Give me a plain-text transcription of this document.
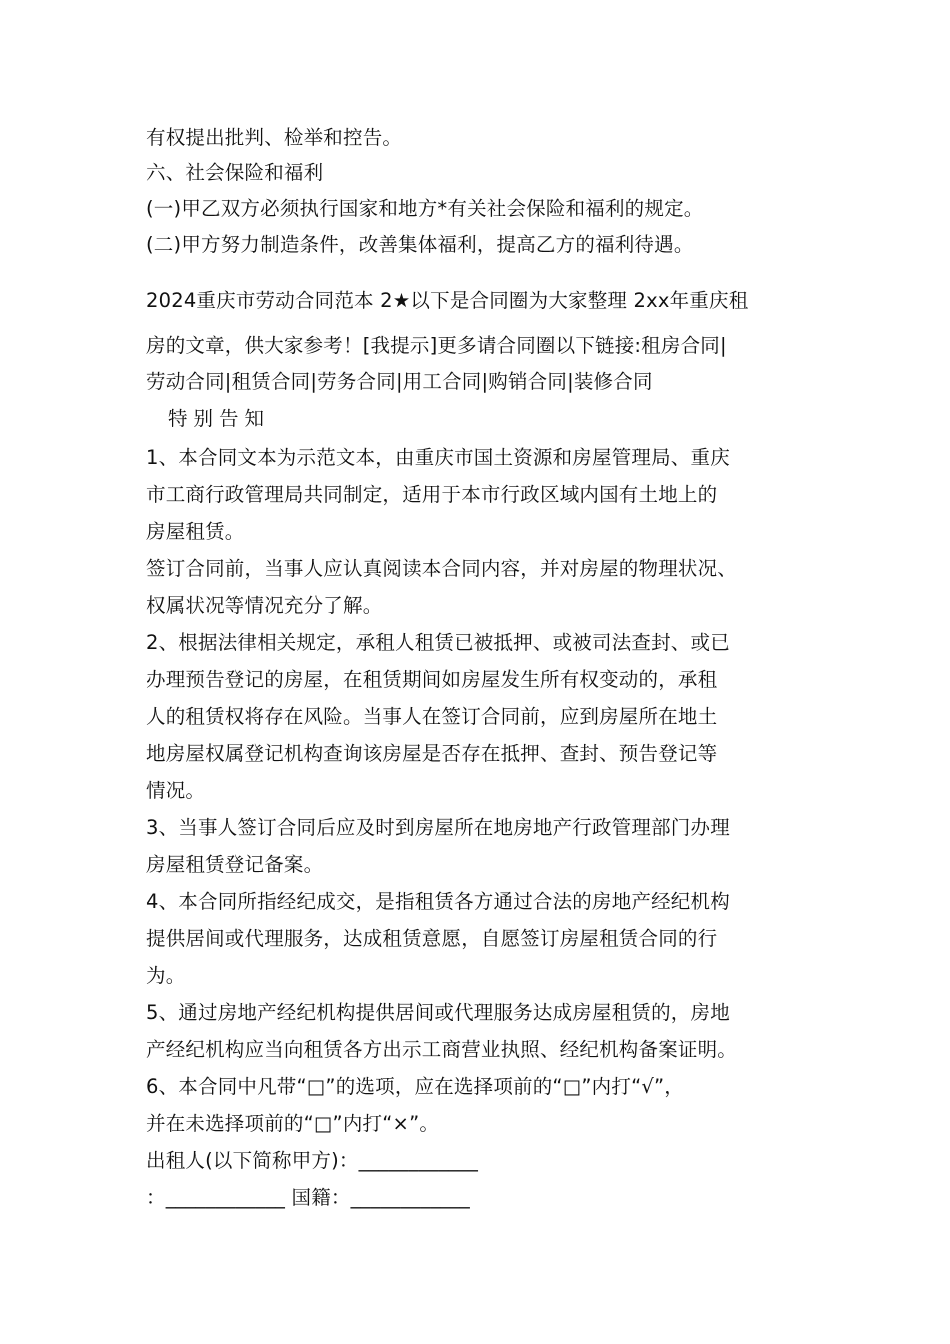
有权提出批判、检举和控告。
六、社会保险和福利
(一)甲乙双方必须执行国家和地方*有关社会保险和福利的规定。
(二)甲方努力制造条件，改善集体福利，提高乙方的福利待遇。
2024重庆市劳动合同范本 2★以下是合同圈为大家整理 2xx年重庆租
房的文章，供大家参考！[我提示]更多请合同圈以下链接:租房合同|
劳动合同|租赁合同|劳务合同|用工合同|购销合同|装修合同
特别告知
1、本合同文本为示范文本，由重庆市国土资源和房屋管理局、重庆
市工商行政管理局共同制定，适用于本市行政区域内国有土地上的
房屋租赁。
签订合同前，当事人应认真阅读本合同内容，并对房屋的物理状况、
权属状况等情况充分了解。
2、根据法律相关规定，承租人租赁已被抵押、或被司法查封、或已
办理预告登记的房屋，在租赁期间如房屋发生所有权变动的，承租
人的租赁权将存在风险。当事人在签订合同前，应到房屋所在地土
地房屋权属登记机构查询该房屋是否存在抵押、查封、预告登记等
情况。
3、当事人签订合同后应及时到房屋所在地房地产行政管理部门办理
房屋租赁登记备案。
4、本合同所指经纪成交，是指租赁各方通过合法的房地产经纪机构
提供居间或代理服务，达成租赁意愿，自愿签订房屋租赁合同的行
为。
5、通过房地产经纪机构提供居间或代理服务达成房屋租赁的，房地
产经纪机构应当向租赁各方出示工商营业执照、经纪机构备案证明。
6、本合同中凡带“□”的选项，应在选择项前的“□”内打“√”，
并在未选择项前的“□”内打“×”。
出租人(以下简称甲方)：____________
：____________ 国籍：____________
